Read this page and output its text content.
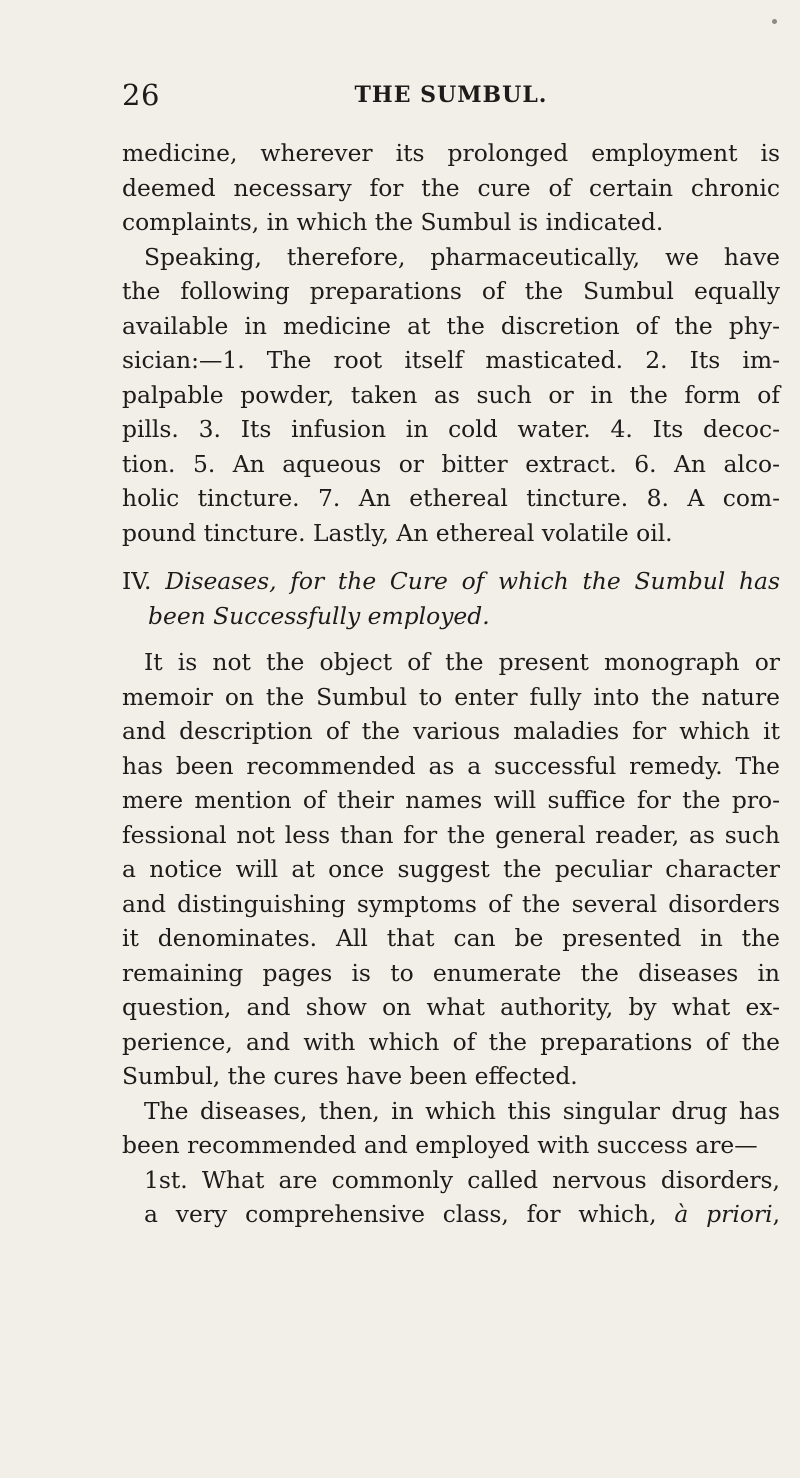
26	THE SUMBUL.
medicine, wherever its prolonged employment is
deemed necessary for the cure of certain chronic
complaints, in which the Sumbul is indicated.
Speaking, therefore, pharmaceutically, we have
the following preparations of the Sumbul equally
available in medicine at the discretion of the phy-
sician:—1. The root itself masticated. 2. Its im-
palpable powder, taken as such or in the form of
pills. 3. Its infusion in cold water. 4. Its decoc-
tion. 5. An aqueous or bitter extract. 6. An alco-
holic tincture. 7. An ethereal tincture. 8. A com-
pound tincture. Lastly, An ethereal volatile oil.
IV. Diseases, for the Cure of which the Sumbul has
been Successfully employed.
It is not the object of the present monograph or
memoir on the Sumbul to enter fully into the nature
and description of the various maladies for which it
has been recommended as a successful remedy. The
mere mention of their names will suffice for the pro-
fessional not less than for the general reader, as such
a notice will at once suggest the peculiar character
and distinguishing symptoms of the several disorders
it denominates. All that can be presented in the
remaining pages is to enumerate the diseases in
question, and show on what authority, by what ex-
perience, and with which of the preparations of the
Sumbul, the cures have been effected.
The diseases, then, in which this singular drug has
been recommended and employed with success are—
1st. What are commonly called nervous disorders,
a very comprehensive class, for which, à priori,
